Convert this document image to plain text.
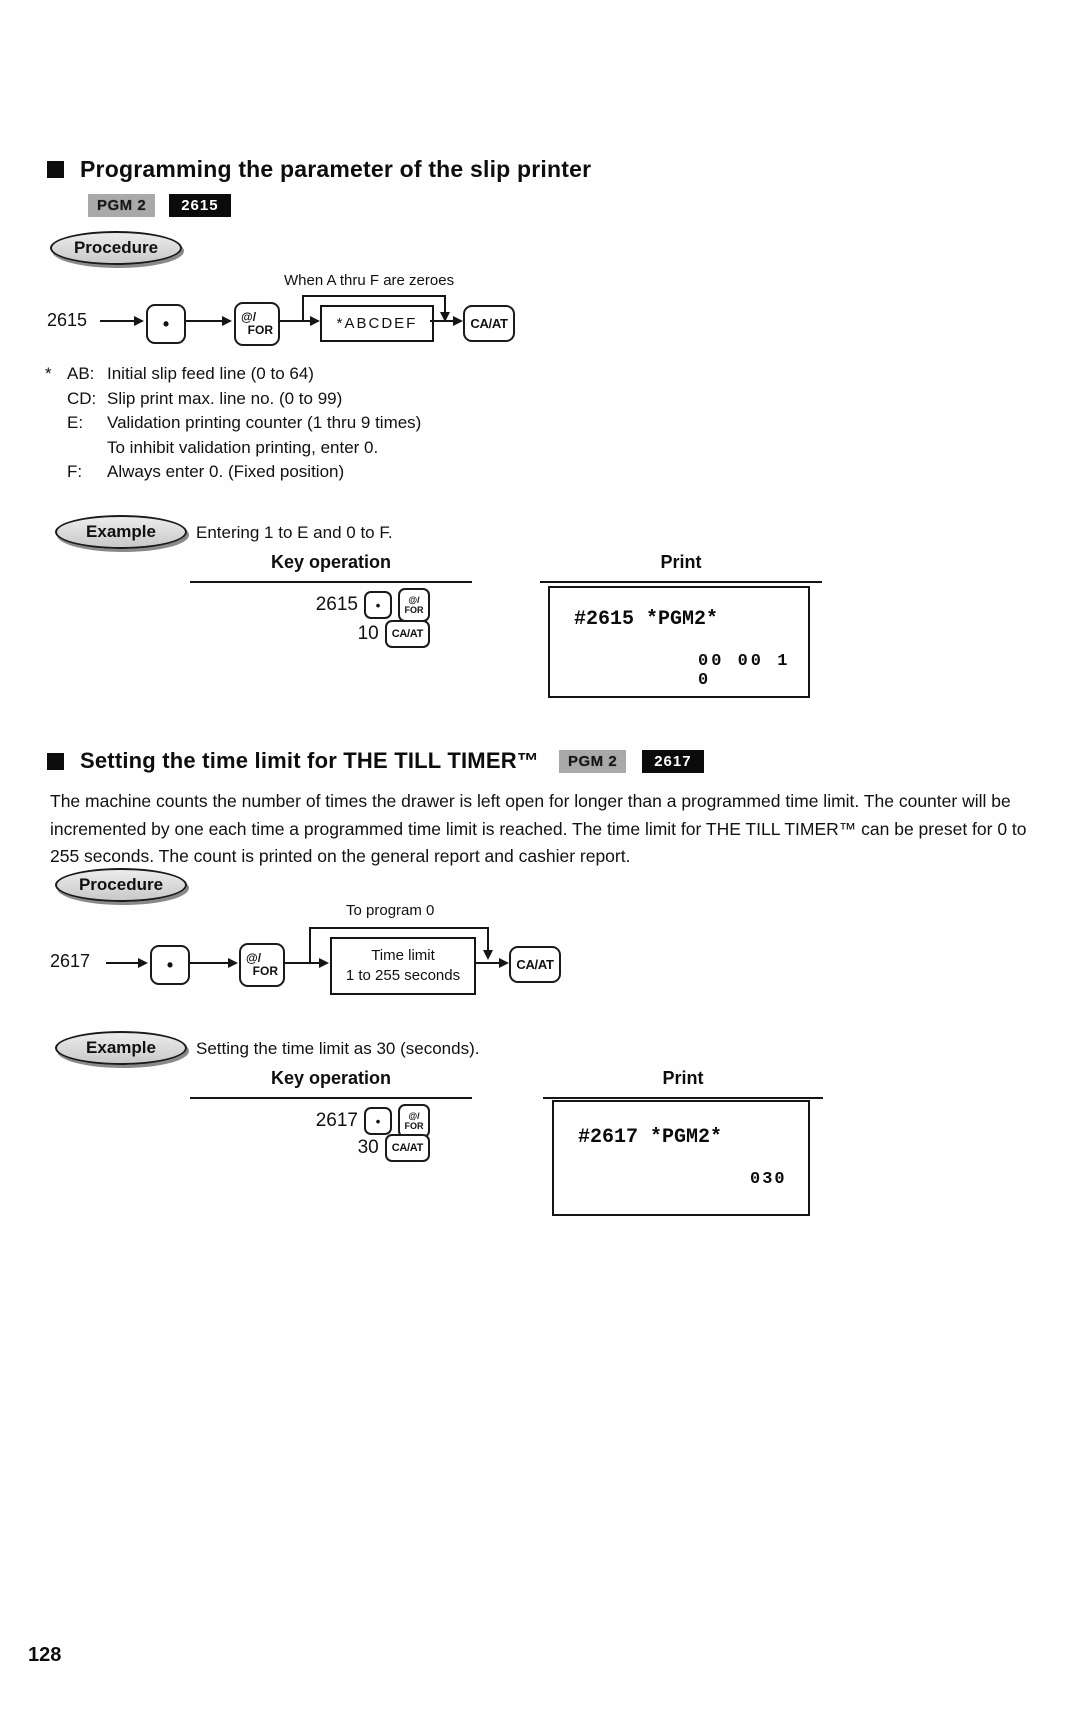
Programming the parameter of the slip printer
PGM 2	2615
Procedure
2615	•	@/
FOR	*ABCDEF	CA/AT
When A thru F are zeroes
* AB: Initial slip feed line (0 to 64)
CD: Slip print max. line no. (0 to 99)
E:	Validation printing counter (1 thru 9 times)
To inhibit validation printing, enter 0.
F:	Always enter 0. (Fixed position)
Example	Entering 1 to E and 0 to F.
Key operation	Print
2615 •	@/
FOR
10 CA/AT
#2615 *PGM2*
00 00 1 0
Setting the time limit for THE TILL TIMER™	PGM 2	2617
The machine counts the number of times the drawer is left open for longer than a programmed time limit. The counter will be incremented by one each time a programmed time limit is reached. The time limit for THE TILL TIMER™ can be preset for 0 to 255 seconds. The count is printed on the general report and cashier report.
Procedure
2617	•	@/
FOR
Time limit
1 to 255 seconds
CA/AT
To program 0
Example	Setting the time limit as 30 (seconds).
Key operation	Print
2617 •	@/
FOR
30 CA/AT	#2617 *PGM2*
030
128
